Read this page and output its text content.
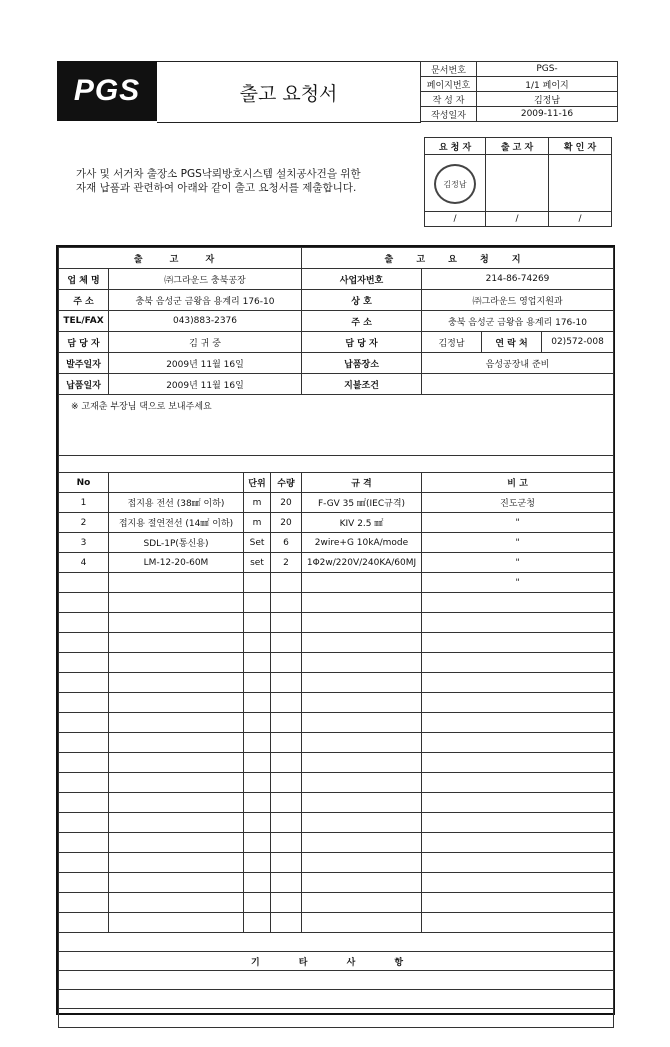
PGS	출고 요청서
문서번호	PGS-
페이지번호	1/1 페이지
작 성 자	김정남
작성일자	2009-11-16
요 청 자	출 고 자	확 인 자

/	/	/
김정남
가사 및 서거차 출장소 PGS낙뢰방호시스템 설치공사건을 위한
자재 납품과 관련하여 아래와 같이 출고 요청서를 제출합니다.
출 고 자		출 고 요 청 지			
업 체 명	㈜그라운드 충북공장	사업자번호	214-86-74269		
주 소	충북 음성군 금왕읍 용계리 176-10	상 호	㈜그라운드 영업지원과		
TEL/FAX	043)883-2376	주 소	충북 음성군 금왕읍 용계리 176-10		
담 당 자	김 귀 중	담 당 자	김정남	연 락 처	02)572-008
발주일자	2009년 11월 16일	납품장소	음성공장내 준비		
납품일자	2009년 11월 16일	지불조건			
※ 고재춘 부장님 댁으로 보내주세요					

No		단위	수량	규 격	비 고
1	접지용 전선 (38㎟ 이하)	m	20	F-GV 35 ㎟(IEC규격)	진도군청
2	접지용 절연전선 (14㎟ 이하)	m	20	KIV 2.5 ㎟	"
3	SDL-1P(통신용)	Set	6	2wire+G 10kA/mode	"
4	LM-12-20-60M	set	2	1Φ2w/220V/240KA/60MJ	"
					"

기 타 사 항					
